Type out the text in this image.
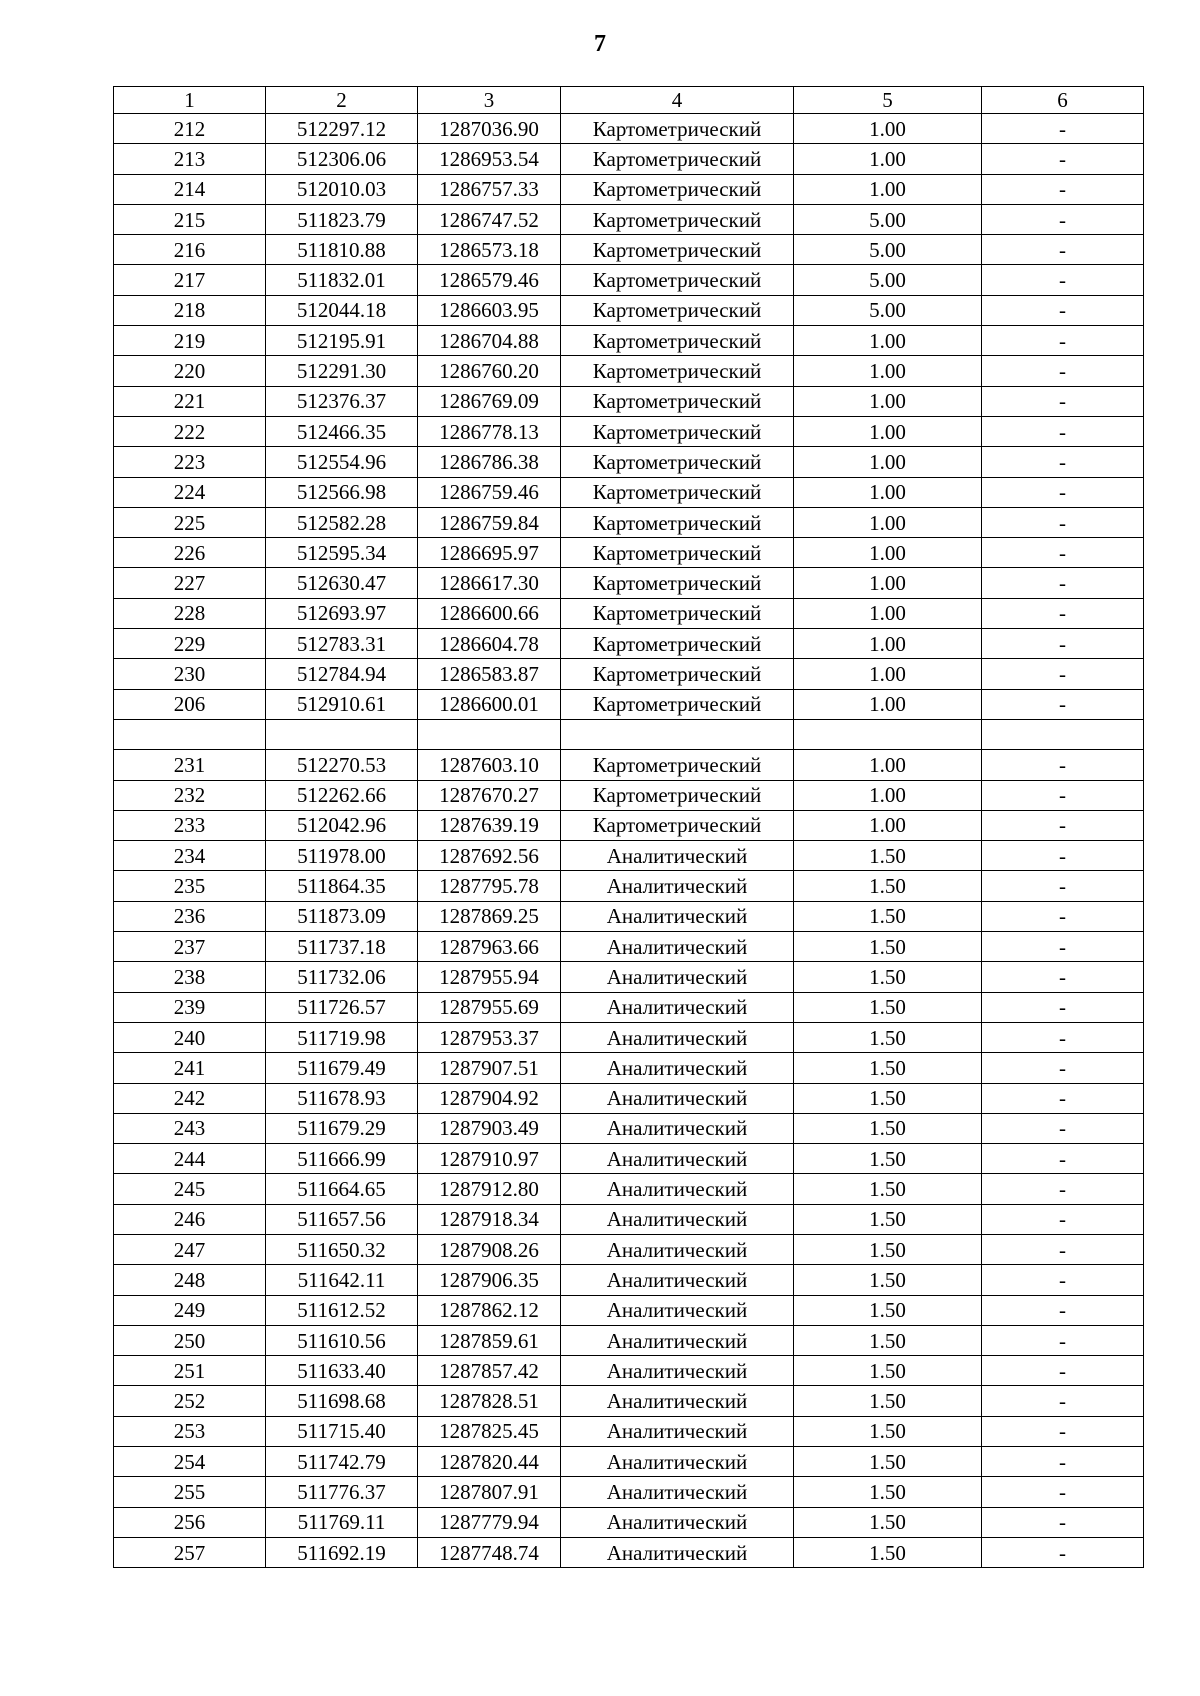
7
1	2	3	4	5	6
212	512297.12	1287036.90	Картометрический	1.00	-
213	512306.06	1286953.54	Картометрический	1.00	-
214	512010.03	1286757.33	Картометрический	1.00	-
215	511823.79	1286747.52	Картометрический	5.00	-
216	511810.88	1286573.18	Картометрический	5.00	-
217	511832.01	1286579.46	Картометрический	5.00	-
218	512044.18	1286603.95	Картометрический	5.00	-
219	512195.91	1286704.88	Картометрический	1.00	-
220	512291.30	1286760.20	Картометрический	1.00	-
221	512376.37	1286769.09	Картометрический	1.00	-
222	512466.35	1286778.13	Картометрический	1.00	-
223	512554.96	1286786.38	Картометрический	1.00	-
224	512566.98	1286759.46	Картометрический	1.00	-
225	512582.28	1286759.84	Картометрический	1.00	-
226	512595.34	1286695.97	Картометрический	1.00	-
227	512630.47	1286617.30	Картометрический	1.00	-
228	512693.97	1286600.66	Картометрический	1.00	-
229	512783.31	1286604.78	Картометрический	1.00	-
230	512784.94	1286583.87	Картометрический	1.00	-
206	512910.61	1286600.01	Картометрический	1.00	-

231	512270.53	1287603.10	Картометрический	1.00	-
232	512262.66	1287670.27	Картометрический	1.00	-
233	512042.96	1287639.19	Картометрический	1.00	-
234	511978.00	1287692.56	Аналитический	1.50	-
235	511864.35	1287795.78	Аналитический	1.50	-
236	511873.09	1287869.25	Аналитический	1.50	-
237	511737.18	1287963.66	Аналитический	1.50	-
238	511732.06	1287955.94	Аналитический	1.50	-
239	511726.57	1287955.69	Аналитический	1.50	-
240	511719.98	1287953.37	Аналитический	1.50	-
241	511679.49	1287907.51	Аналитический	1.50	-
242	511678.93	1287904.92	Аналитический	1.50	-
243	511679.29	1287903.49	Аналитический	1.50	-
244	511666.99	1287910.97	Аналитический	1.50	-
245	511664.65	1287912.80	Аналитический	1.50	-
246	511657.56	1287918.34	Аналитический	1.50	-
247	511650.32	1287908.26	Аналитический	1.50	-
248	511642.11	1287906.35	Аналитический	1.50	-
249	511612.52	1287862.12	Аналитический	1.50	-
250	511610.56	1287859.61	Аналитический	1.50	-
251	511633.40	1287857.42	Аналитический	1.50	-
252	511698.68	1287828.51	Аналитический	1.50	-
253	511715.40	1287825.45	Аналитический	1.50	-
254	511742.79	1287820.44	Аналитический	1.50	-
255	511776.37	1287807.91	Аналитический	1.50	-
256	511769.11	1287779.94	Аналитический	1.50	-
257	511692.19	1287748.74	Аналитический	1.50	-
